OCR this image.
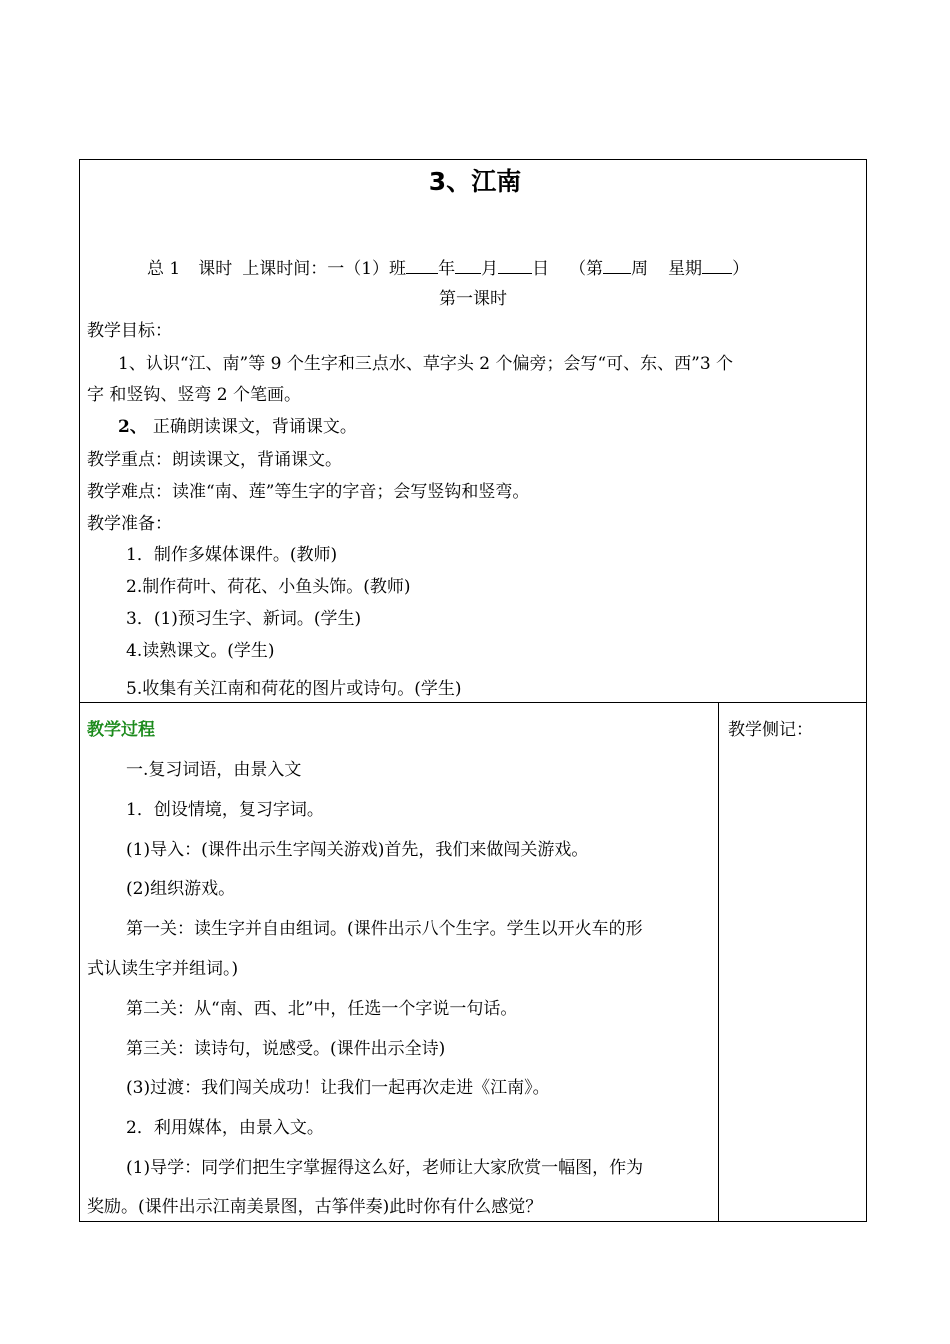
3、江南
总 1 课时 上课时间：一（1）班 年 月 日 （第 周 星期 ）
第一课时
教学目标：
1、认识“江、南”等 9 个生字和三点水、草字头 2 个偏旁；会写“可、东、西”3 个
字 和竖钩、竖弯 2 个笔画。
2、 正确朗读课文，背诵课文。
教学重点：朗读课文，背诵课文。
教学难点：读准“南、莲”等生字的字音；会写竖钩和竖弯。
教学准备：
1．制作多媒体课件。(教师)
2.制作荷叶、荷花、小鱼头饰。(教师)
3．(1)预习生字、新词。(学生)
4.读熟课文。(学生)
5.收集有关江南和荷花的图片或诗句。(学生)
教学过程	教学侧记：
一.复习词语，由景入文
1．创设情境，复习字词。
(1)导入：(课件出示生字闯关游戏)首先，我们来做闯关游戏。
(2)组织游戏。
第一关：读生字并自由组词。(课件出示八个生字。学生以开火车的形
式认读生字并组词。)
第二关：从“南、西、北”中，任选一个字说一句话。
第三关：读诗句，说感受。(课件出示全诗)
(3)过渡：我们闯关成功！让我们一起再次走进《江南》。
2．利用媒体，由景入文。
(1)导学：同学们把生字掌握得这么好，老师让大家欣赏一幅图，作为
奖励。(课件出示江南美景图，古筝伴奏)此时你有什么感觉？
